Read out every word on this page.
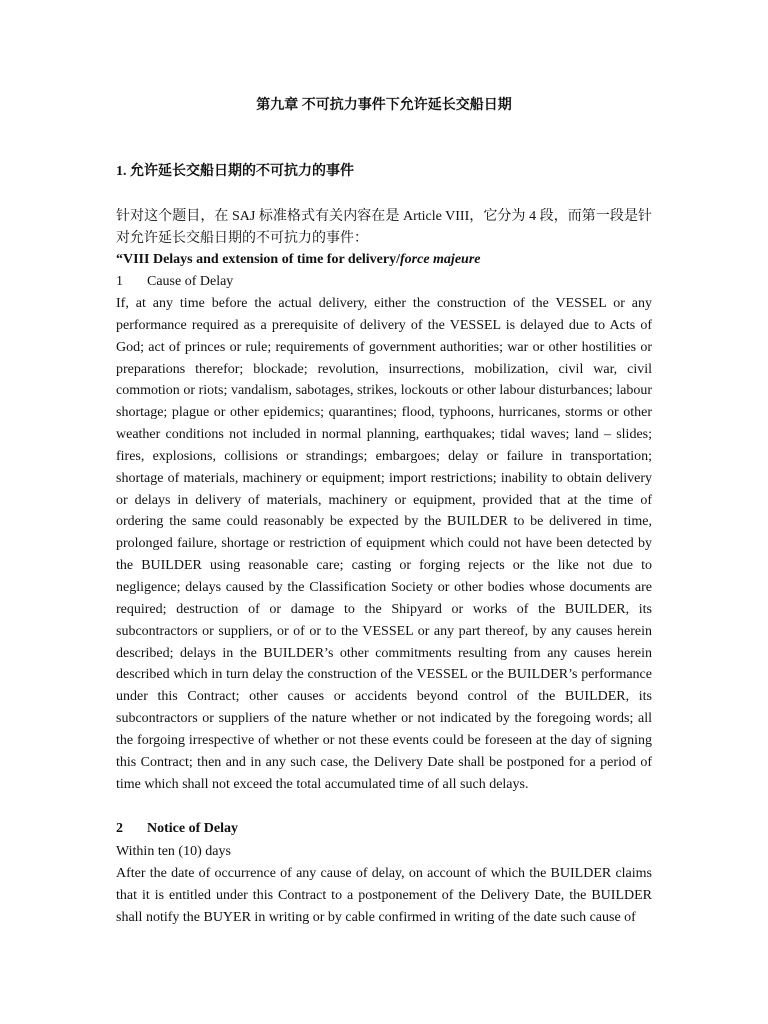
第九章 不可抗力事件下允许延长交船日期
1. 允许延长交船日期的不可抗力的事件
针对这个题目，在 SAJ 标准格式有关内容在是 Article VIII，它分为 4 段，而第一段是针对允许延长交船日期的不可抗力的事件：
“VIII Delays and extension of time for delivery/force majeure
1 Cause of Delay
If, at any time before the actual delivery, either the construction of the VESSEL or any performance required as a prerequisite of delivery of the VESSEL is delayed due to Acts of God; act of princes or rule; requirements of government authorities; war or other hostilities or preparations therefor; blockade; revolution, insurrections, mobilization, civil war, civil commotion or riots; vandalism, sabotages, strikes, lockouts or other labour disturbances; labour shortage; plague or other epidemics; quarantines; flood, typhoons, hurricanes, storms or other weather conditions not included in normal planning, earthquakes; tidal waves; land – slides; fires, explosions, collisions or strandings; embargoes; delay or failure in transportation; shortage of materials, machinery or equipment; import restrictions; inability to obtain delivery or delays in delivery of materials, machinery or equipment, provided that at the time of ordering the same could reasonably be expected by the BUILDER to be delivered in time, prolonged failure, shortage or restriction of equipment which could not have been detected by the BUILDER using reasonable care; casting or forging rejects or the like not due to negligence; delays caused by the Classification Society or other bodies whose documents are required; destruction of or damage to the Shipyard or works of the BUILDER, its subcontractors or suppliers, or of or to the VESSEL or any part thereof, by any causes herein described; delays in the BUILDER’s other commitments resulting from any causes herein described which in turn delay the construction of the VESSEL or the BUILDER’s performance under this Contract; other causes or accidents beyond control of the BUILDER, its subcontractors or suppliers of the nature whether or not indicated by the foregoing words; all the forgoing irrespective of whether or not these events could be foreseen at the day of signing this Contract; then and in any such case, the Delivery Date shall be postponed for a period of time which shall not exceed the total accumulated time of all such delays.
2 Notice of Delay
Within ten (10) days
After the date of occurrence of any cause of delay, on account of which the BUILDER claims that it is entitled under this Contract to a postponement of the Delivery Date, the BUILDER shall notify the BUYER in writing or by cable confirmed in writing of the date such cause of
